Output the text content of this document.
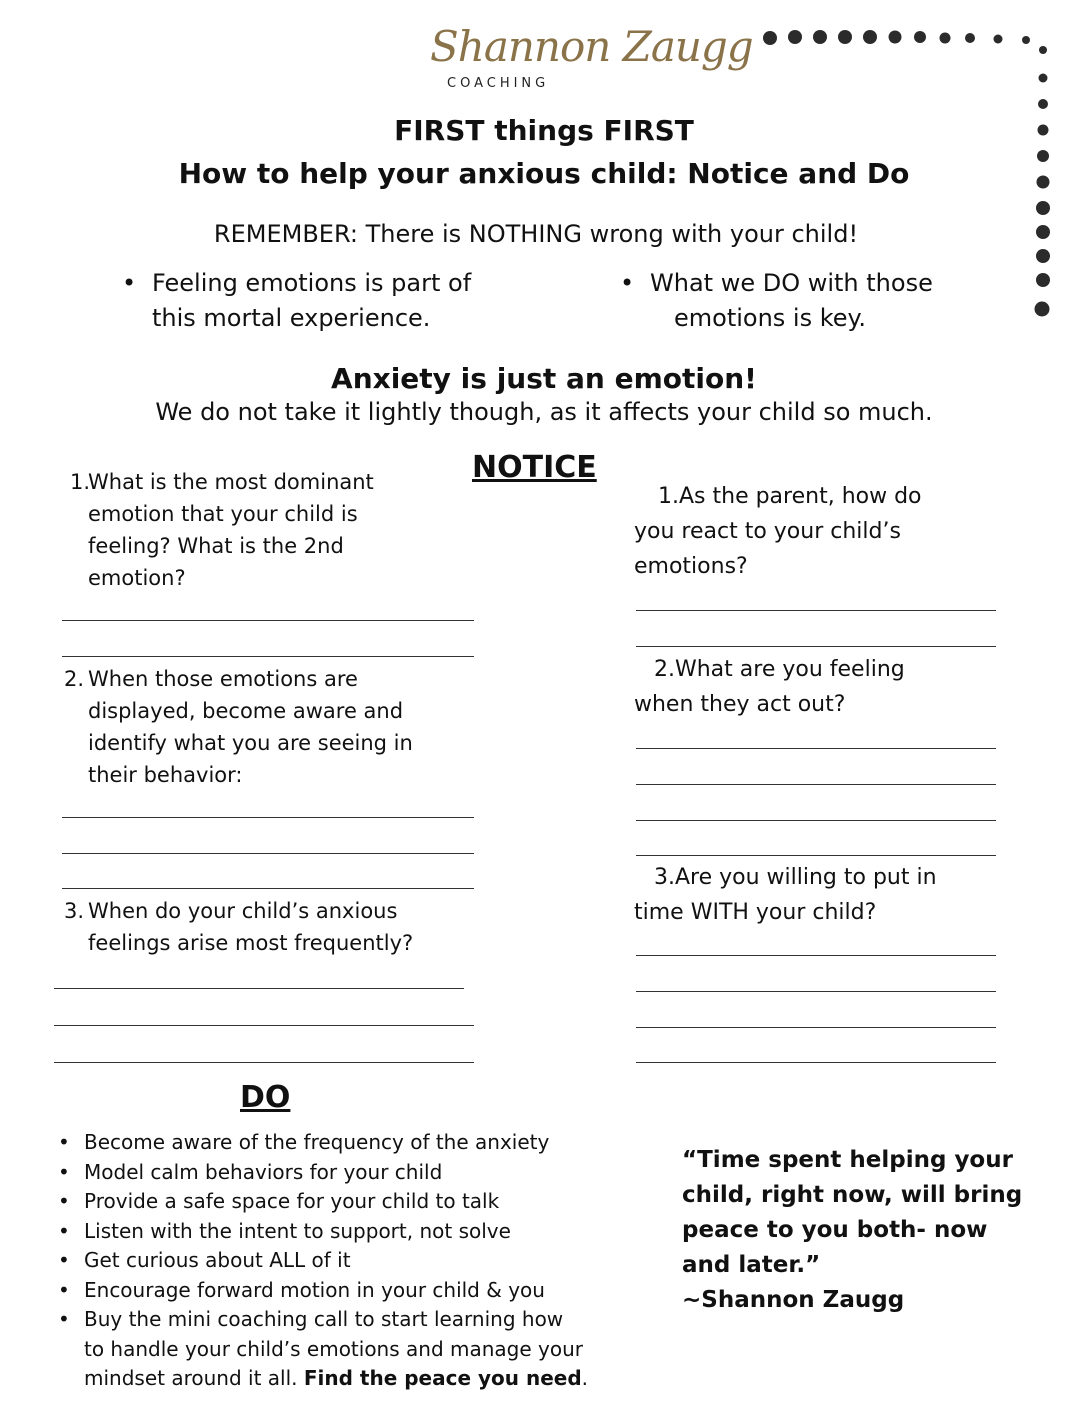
Shannon Zaugg
COACHING
FIRST things FIRST
How to help your anxious child: Notice and Do
REMEMBER: There is NOTHING wrong with your child!
• Feeling emotions is part of this mortal experience.
• What we DO with those
emotions is key.
Anxiety is just an emotion!
We do not take it lightly though, as it affects your child so much.
NOTICE
1.
What is the most dominant
emotion that your child is
feeling? What is the 2nd
emotion?
2. When those emotions are
displayed, become aware and
identify what you are seeing in
their behavior:
3. When do your child’s anxious
feelings arise most frequently?
1.As the parent, how do
you react to your child’s
emotions?
2.What are you feeling
when they act out?
3.Are you willing to put in
time WITH your child?
DO
• Become aware of the frequency of the anxiety
• Model calm behaviors for your child
• Provide a safe space for your child to talk
• Listen with the intent to support, not solve
• Get curious about ALL of it
• Encourage forward motion in your child & you
• Buy the mini coaching call to start learning how
to handle your child’s emotions and manage your
mindset around it all. Find the peace you need.
“Time spent helping your
child, right now, will bring
peace to you both- now
and later.”
~Shannon Zaugg
